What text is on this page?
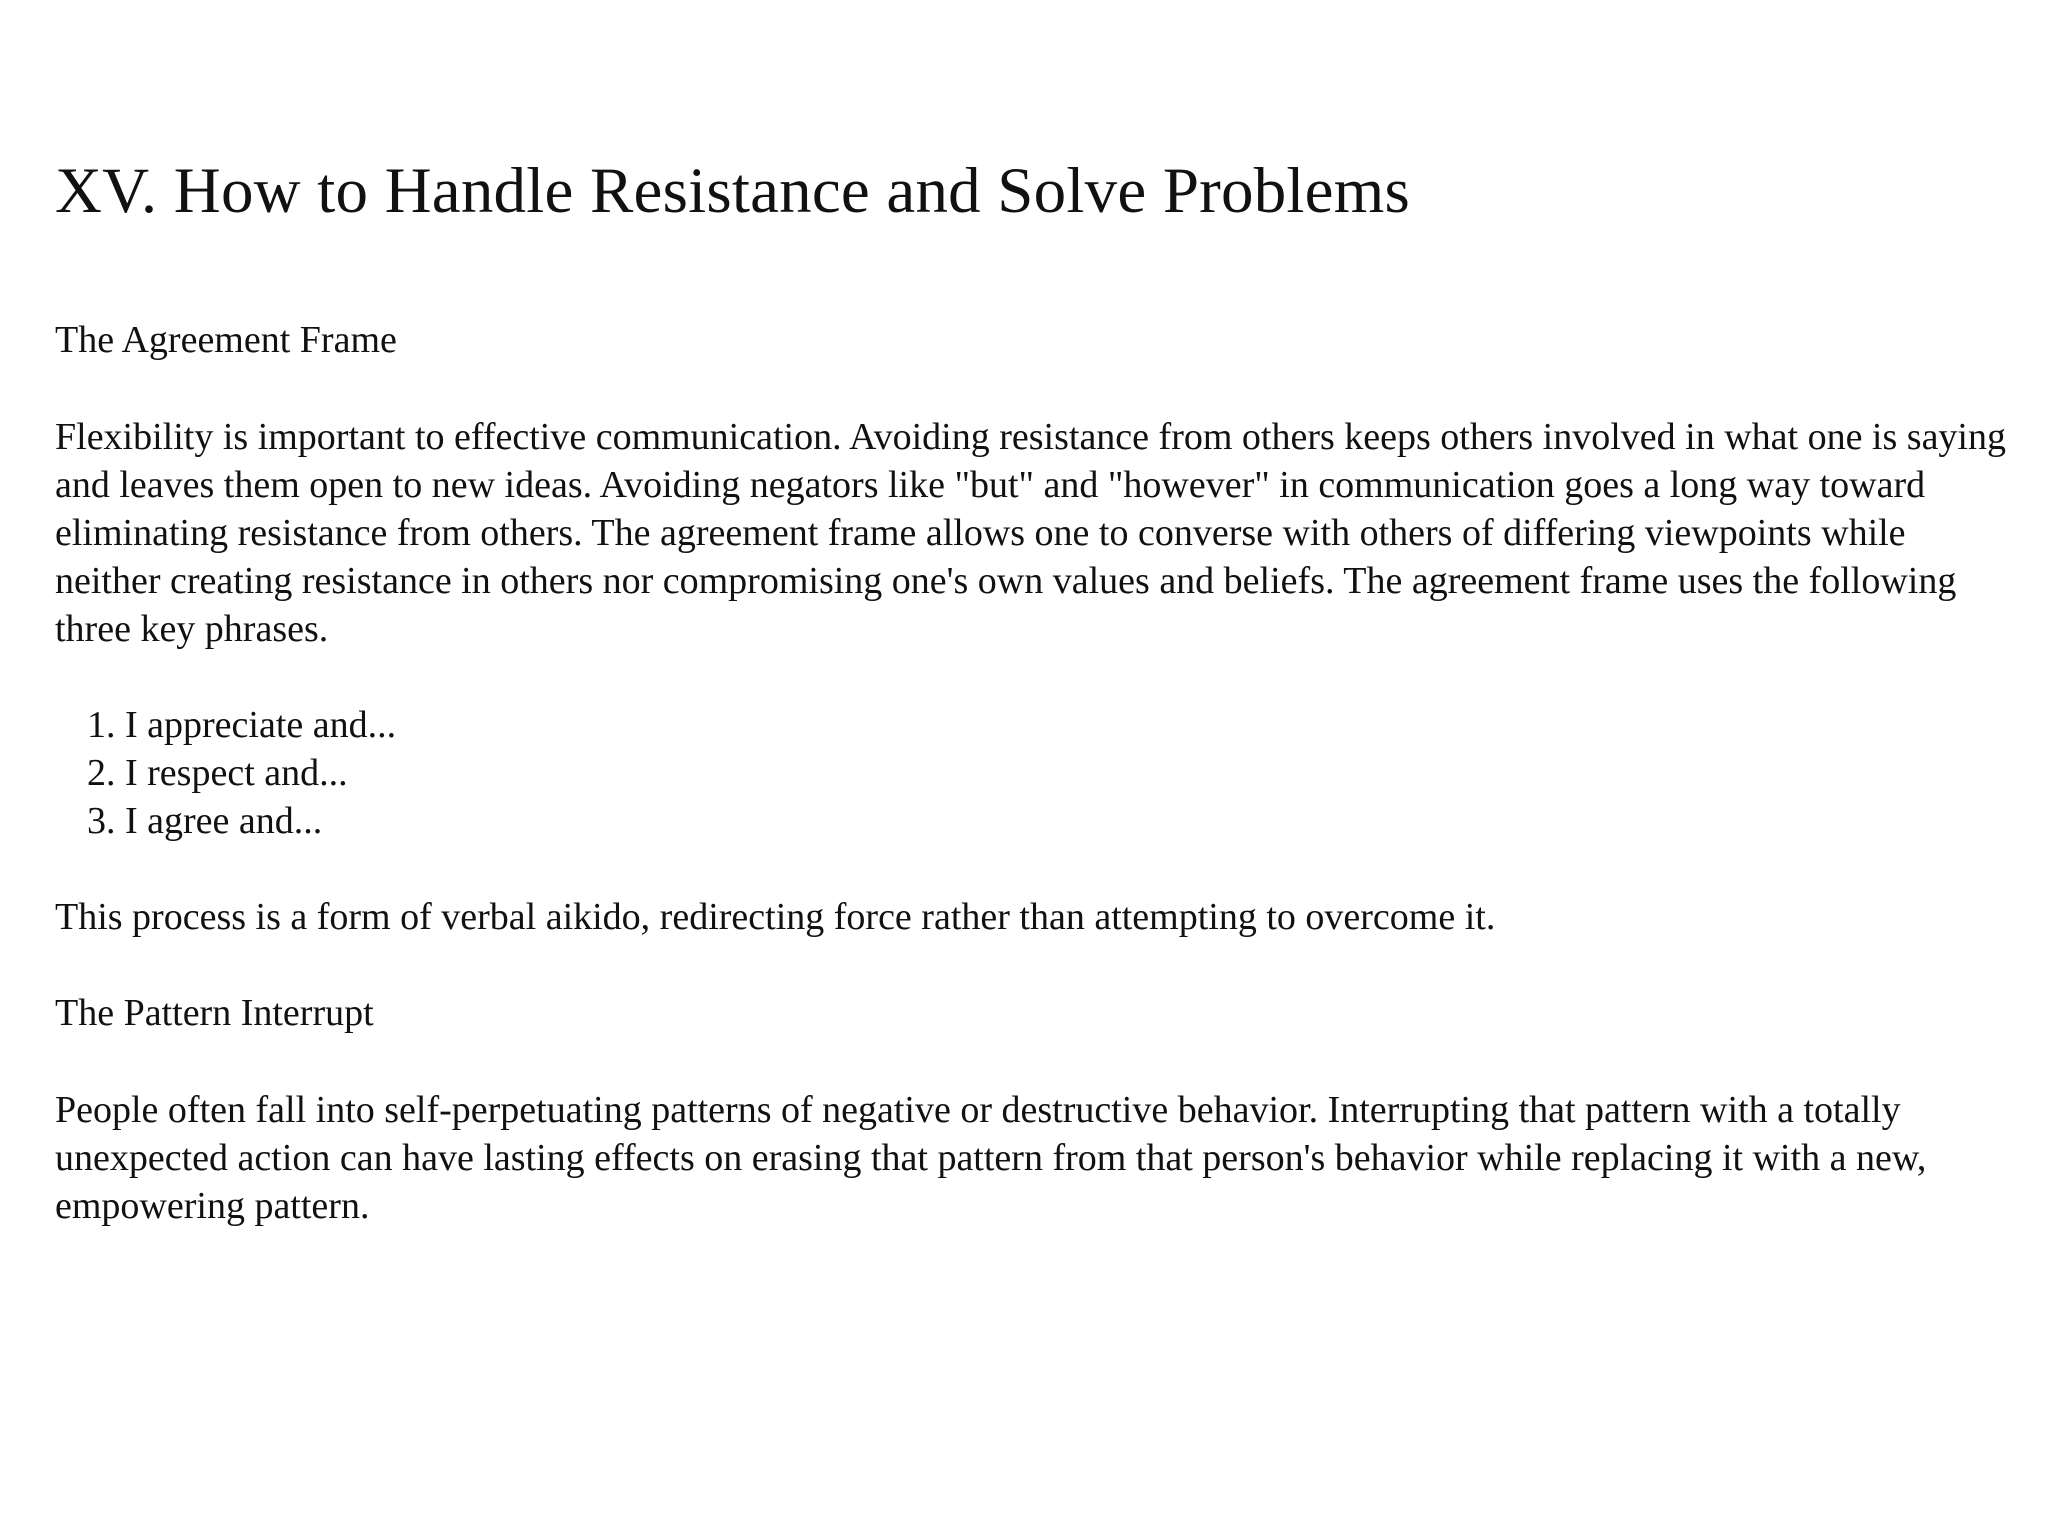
XV. How to Handle Resistance and Solve Problems
The Agreement Frame

Flexibility is important to effective communication. Avoiding resistance from others keeps others involved in what one is saying and leaves them open to new ideas. Avoiding negators like "but" and "however" in communication goes a long way toward eliminating resistance from others. The agreement frame allows one to converse with others of differing viewpoints while neither creating resistance in others nor compromising one's own values and beliefs. The agreement frame uses the following three key phrases.

1. I appreciate and...
2. I respect and...
3. I agree and...

This process is a form of verbal aikido, redirecting force rather than attempting to overcome it.

The Pattern Interrupt

People often fall into self-perpetuating patterns of negative or destructive behavior. Interrupting that pattern with a totally unexpected action can have lasting effects on erasing that pattern from that person's behavior while replacing it with a new, empowering pattern.
